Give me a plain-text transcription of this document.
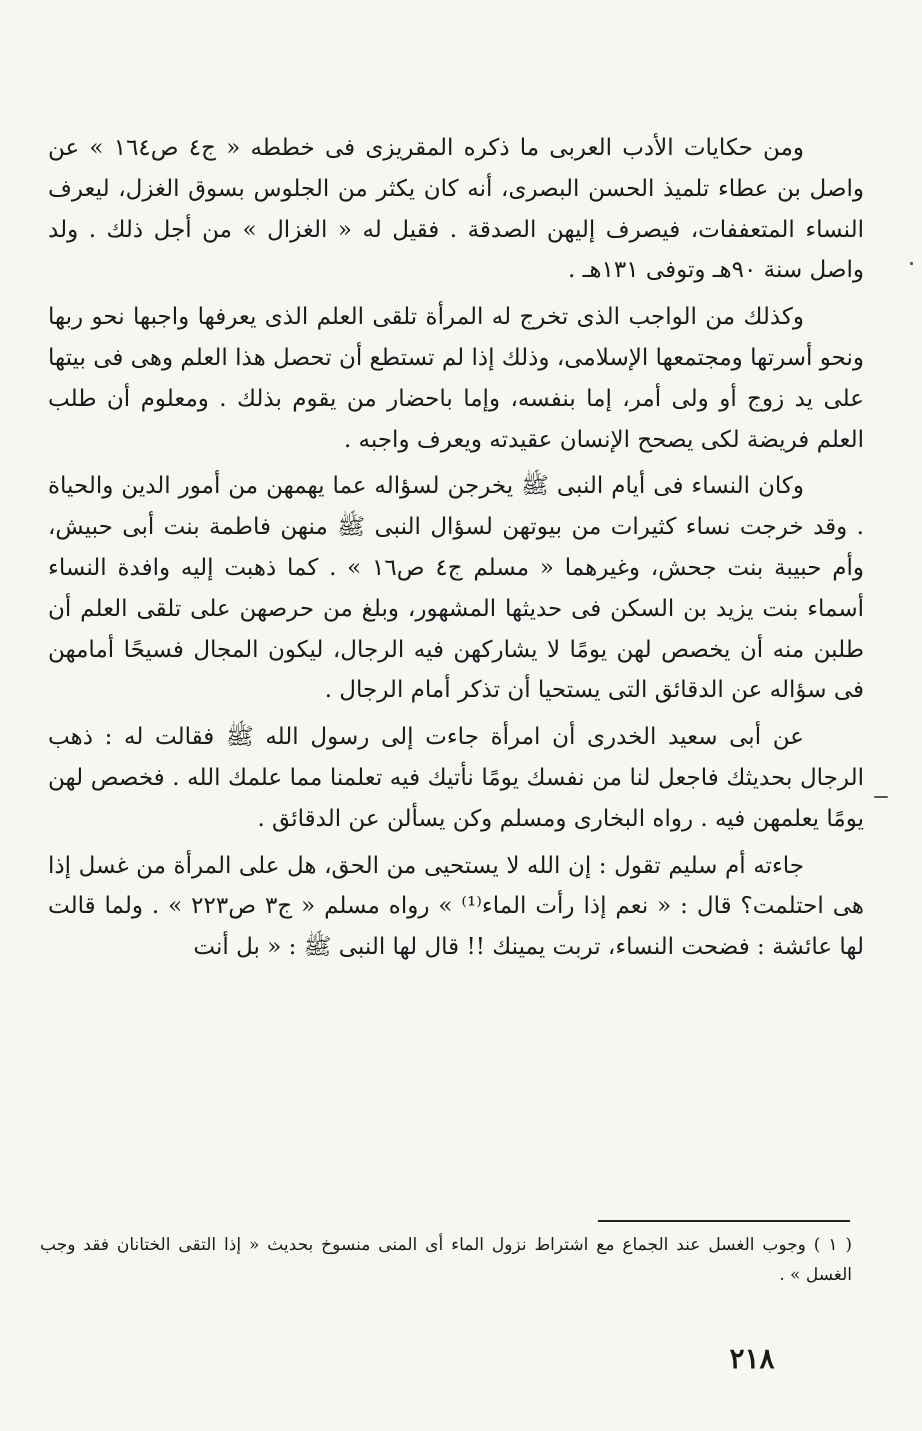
ومن حكايات الأدب العربى ما ذكره المقريزى فى خططه « ج٤ ص١٦٤ » عن واصل بن عطاء تلميذ الحسن البصرى، أنه كان يكثر من الجلوس بسوق الغزل، ليعرف النساء المتعففات، فيصرف إليهن الصدقة . فقيل له « الغزال » من أجل ذلك . ولد واصل سنة ٩٠هـ وتوفى ١٣١هـ .

وكذلك من الواجب الذى تخرج له المرأة تلقى العلم الذى يعرفها واجبها نحو ربها ونحو أسرتها ومجتمعها الإسلامى، وذلك إذا لم تستطع أن تحصل هذا العلم وهى فى بيتها على يد زوج أو ولى أمر، إما بنفسه، وإما باحضار من يقوم بذلك . ومعلوم أن طلب العلم فريضة لكى يصحح الإنسان عقيدته ويعرف واجبه .

وكان النساء فى أيام النبى ﷺ يخرجن لسؤاله عما يهمهن من أمور الدين والحياة . وقد خرجت نساء كثيرات من بيوتهن لسؤال النبى ﷺ منهن فاطمة بنت أبى حبيش، وأم حبيبة بنت جحش، وغيرهما « مسلم ج٤ ص١٦ » . كما ذهبت إليه وافدة النساء أسماء بنت يزيد بن السكن فى حديثها المشهور، وبلغ من حرصهن على تلقى العلم أن طلبن منه أن يخصص لهن يومًا لا يشاركهن فيه الرجال، ليكون المجال فسيحًا أمامهن فى سؤاله عن الدقائق التى يستحيا أن تذكر أمام الرجال .

عن أبى سعيد الخدرى أن امرأة جاءت إلى رسول الله ﷺ فقالت له : ذهب الرجال بحديثك فاجعل لنا من نفسك يومًا نأتيك فيه تعلمنا مما علمك الله . فخصص لهن يومًا يعلمهن فيه . رواه البخارى ومسلم وكن يسألن عن الدقائق .

جاءته أم سليم تقول : إن الله لا يستحيى من الحق، هل على المرأة من غسل إذا هى احتلمت؟ قال : « نعم إذا رأت الماء⁽¹⁾ » رواه مسلم « ج٣ ص٢٢٣ » . ولما قالت لها عائشة : فضحت النساء، تربت يمينك !! قال لها النبى ﷺ : « بل أنت

( ١ ) وجوب الغسل عند الجماع مع اشتراط نزول الماء أى المنى منسوخ بحديث « إذا التقى الختانان فقد وجب الغسل » .
٢١٨
